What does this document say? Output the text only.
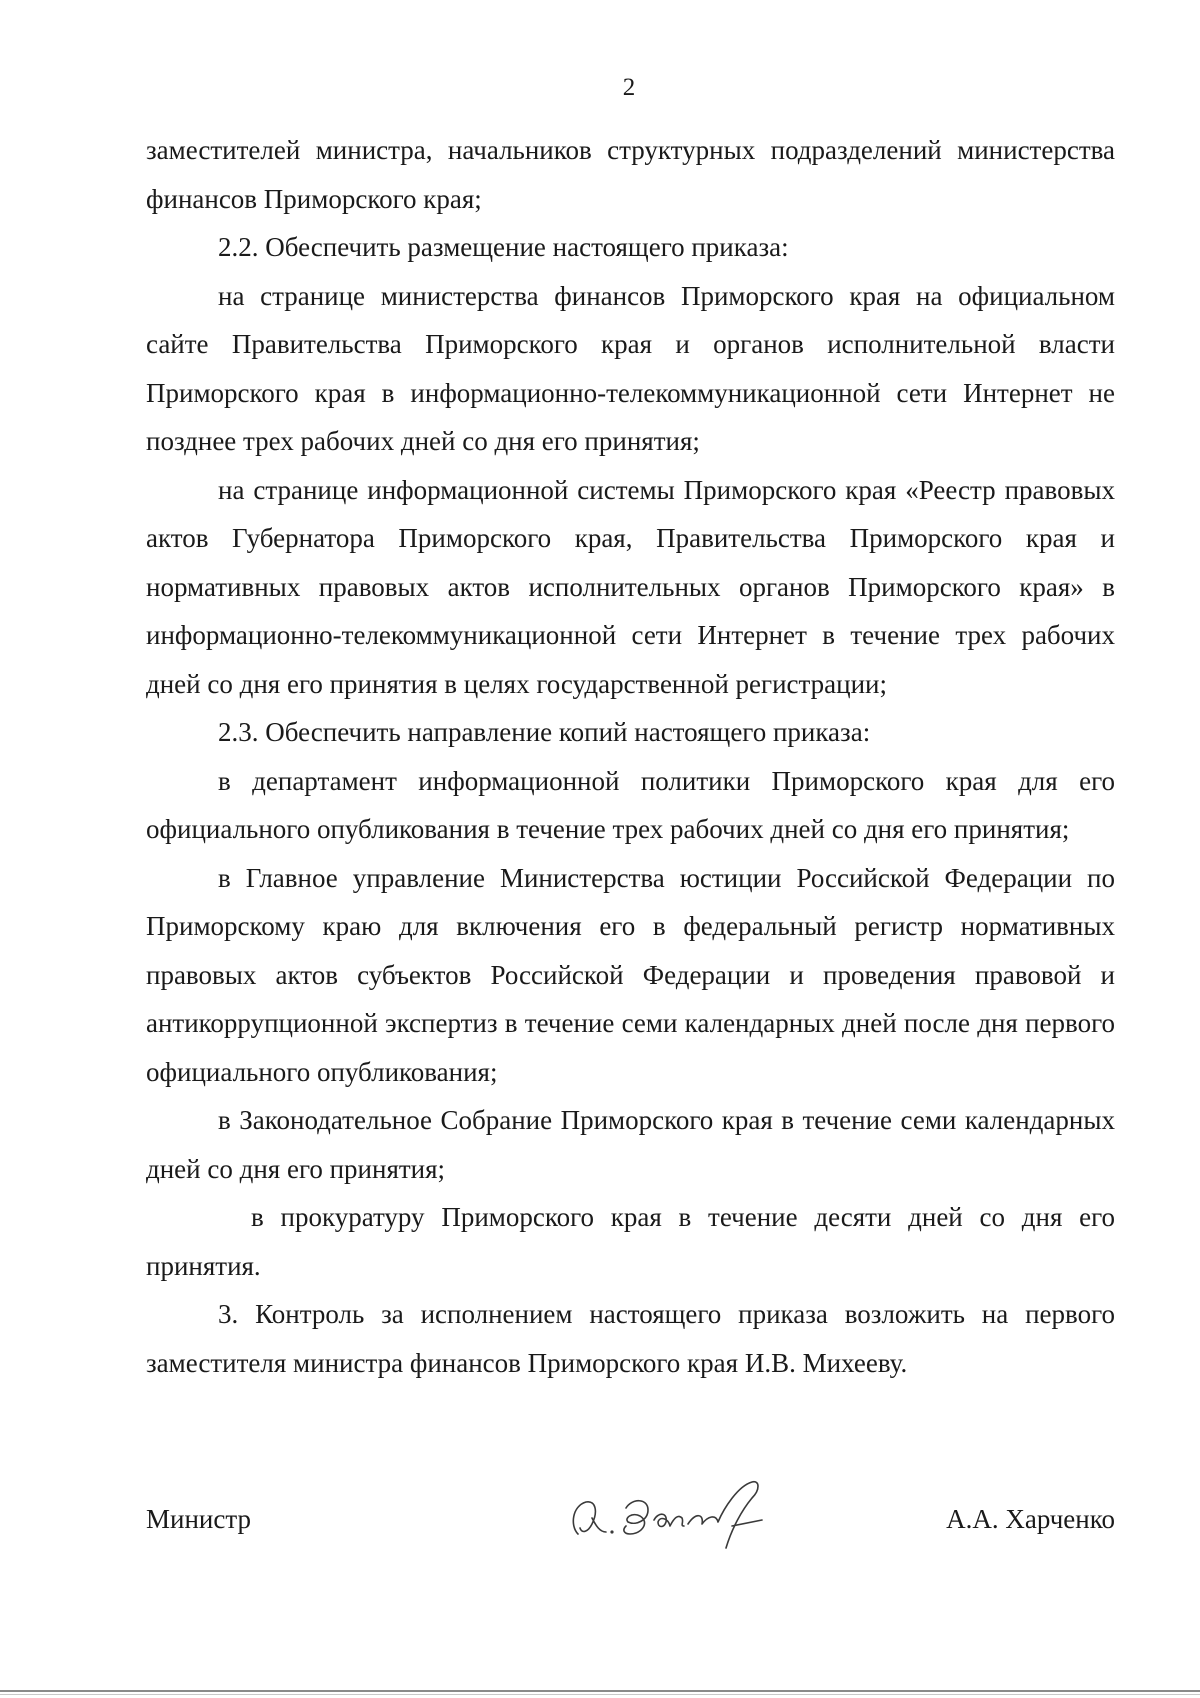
2

заместителей министра, начальников структурных подразделений министерства финансов Приморского края;

2.2. Обеспечить размещение настоящего приказа:

на странице министерства финансов Приморского края на официальном сайте Правительства Приморского края и органов исполнительной власти Приморского края в информационно-телекоммуникационной сети Интернет не позднее трех рабочих дней со дня его принятия;

на странице информационной системы Приморского края «Реестр правовых актов Губернатора Приморского края, Правительства Приморского края и нормативных правовых актов исполнительных органов Приморского края» в информационно-телекоммуникационной сети Интернет в течение трех рабочих дней со дня его принятия в целях государственной регистрации;

2.3. Обеспечить направление копий настоящего приказа:

в департамент информационной политики Приморского края для его официального опубликования в течение трех рабочих дней со дня его принятия;

в Главное управление Министерства юстиции Российской Федерации по Приморскому краю для включения его в федеральный регистр нормативных правовых актов субъектов Российской Федерации и проведения правовой и антикоррупционной экспертиз в течение семи календарных дней после дня первого официального опубликования;

в Законодательное Собрание Приморского края в течение семи календарных дней со дня его принятия;

в прокуратуру Приморского края в течение десяти дней со дня его принятия.

3. Контроль за исполнением настоящего приказа возложить на первого заместителя министра финансов Приморского края И.В. Михееву.

Министр	А.А. Харченко
